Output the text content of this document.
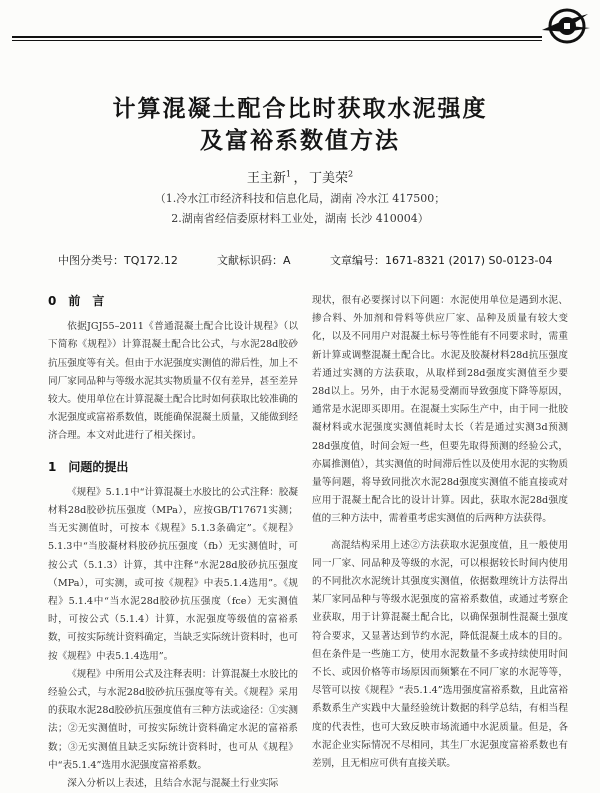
计算混凝土配合比时获取水泥强度
及富裕系数值方法
王主新$^1$ ， 丁美荣$^2$
（1.冷水江市经济科技和信息化局，湖南 冷水江 417500；
2.湖南省经信委原材料工业处，湖南 长沙 410004）
中图分类号：TQ172.12	文献标识码：A	文章编号：1671-8321 (2017) S0-0123-04
0　前　言

依据JGJ55–2011《普通混凝土配合比设计规程》（以下简称《规程》）计算混凝土配合比公式，与水泥28d胶砂抗压强度等有关。但由于水泥强度实测值的滞后性，加上不同厂家同品种与等级水泥其实物质量不仅有差异，甚至差异较大。使用单位在计算混凝土配合比时如何获取比较准确的水泥强度或富裕系数值，既能确保混凝土质量，又能做到经济合理。本文对此进行了相关探讨。

1　问题的提出

《规程》5.1.1中“计算混凝土水胶比的公式注释：胶凝材料28d胶砂抗压强度（MPa），应按GB/T17671实测；当无实测值时，可按本《规程》5.1.3条确定”。《规程》5.1.3中“当胶凝材料胶砂抗压强度（fb）无实测值时，可按公式（5.1.3）计算，其中注释“水泥28d胶砂抗压强度（MPa），可实测，或可按《规程》中表5.1.4选用”。《规程》5.1.4中“当水泥28d胶砂抗压强度（fce）无实测值时，可按公式（5.1.4）计算，水泥强度等级值的富裕系数，可按实际统计资料确定，当缺乏实际统计资料时，也可按《规程》中表5.1.4选用”。

《规程》中所用公式及注释表明：计算混凝土水胶比的经验公式，与水泥28d胶砂抗压强度等有关。《规程》采用的获取水泥28d胶砂抗压强度值有三种方法或途径：①实测法；②无实测值时，可按实际统计资料确定水泥的富裕系数；③无实测值且缺乏实际统计资料时，也可从《规程》中“表5.1.4”选用水泥强度富裕系数。

深入分析以上表述，且结合水泥与混凝土行业实际

现状，很有必要探讨以下问题：水泥使用单位是遇到水泥、掺合料、外加剂和骨料等供应厂家、品种及质量有较大变化，以及不同用户对混凝土标号等性能有不同要求时，需重新计算或调整混凝土配合比。水泥及胶凝材料28d抗压强度若通过实测的方法获取，从取样到28d强度实测值至少要28d以上。另外，由于水泥易受潮而导致强度下降等原因，通常是水泥即买即用。在混凝土实际生产中，由于同一批胶凝材料或水泥强度实测值耗时太长（若是通过实测3d预测28d强度值，时间会短一些，但要先取得预测的经验公式，亦属推测值），其实测值的时间滞后性以及使用水泥的实物质量等问题，将导致同批次水泥28d强度实测值不能直接或对应用于混凝土配合比的设计计算。因此，获取水泥28d强度值的三种方法中，需着重考虑实测值的后两种方法获得。

高混结构采用上述②方法获取水泥强度值，且一般使用同一厂家、同品种及等级的水泥，可以根据较长时间内使用的不同批次水泥统计其强度实测值，依据数理统计方法得出某厂家同品种与等级水泥强度的富裕系数值，或通过考察企业获取，用于计算混凝土配合比，以确保强制性混凝土强度符合要求，又显著达到节约水泥，降低混凝土成本的目的。但在条件是一些施工方，使用水泥数量不多或持续使用时间不长、或因价格等市场原因而频繁在不同厂家的水泥等等，尽管可以按《规程》“表5.1.4”选用强度富裕系数，且此富裕系数系生产实践中大量经验统计数据的科学总结，有相当程度的代表性，也可大致反映市场流通中水泥质量。但是，各水泥企业实际情况不尽相同，其生厂水泥强度富裕系数也有差别，且无相应可供有直接关联。
